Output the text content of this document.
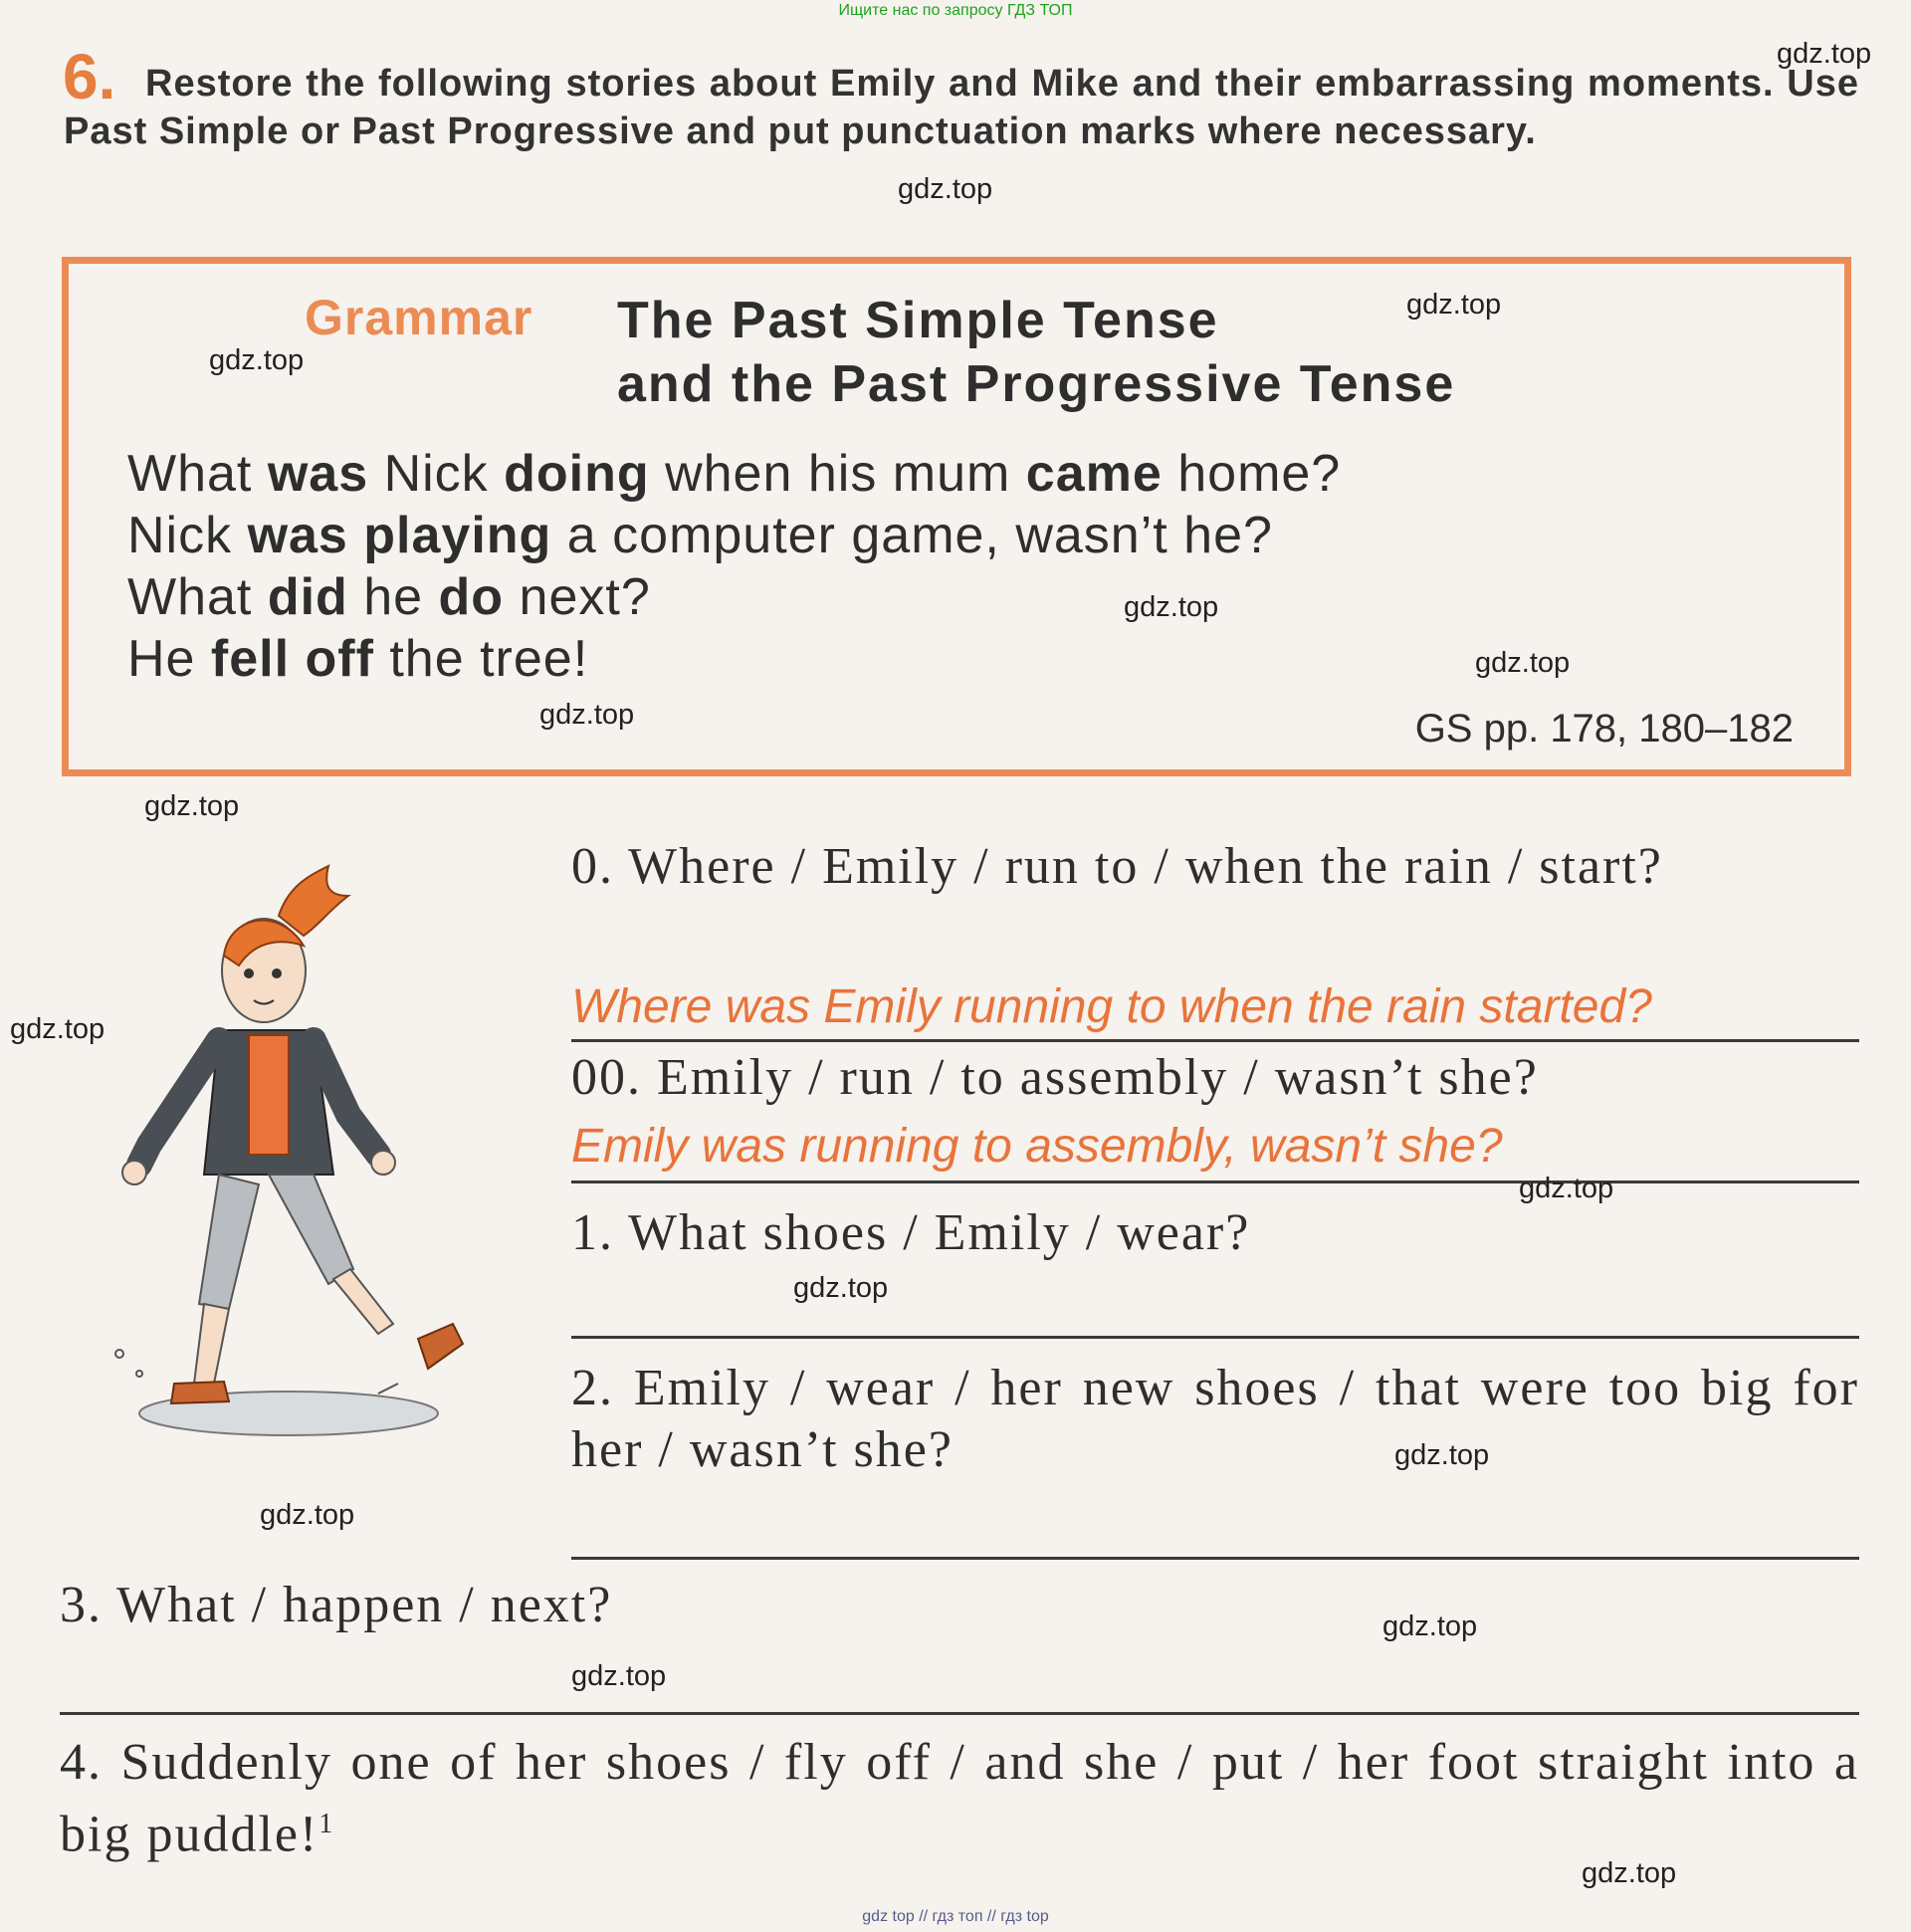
Ищите нас по запросу ГДЗ ТОП
6. Restore the following stories about Emily and Mike and their embarrassing moments. Use Past Simple or Past Progressive and put punctuation marks where necessary.
Grammar The Past Simple Tense
and the Past Progressive Tense
What was Nick doing when his mum came home?
Nick was playing a computer game, wasn’t he?
What did he do next?
He fell off the tree!
GS pp. 178, 180–182
0. Where / Emily / run to / when the rain / start?
Where was Emily running to when the rain started?
00. Emily / run / to assembly / wasn’t she?
Emily was running to assembly, wasn’t she?
1. What shoes / Emily / wear?
2. Emily / wear / her new shoes / that were too big for her / wasn’t she?
3. What / happen / next?
4. Suddenly one of her shoes / fly off / and she / put / her foot straight into a big puddle!$^1$
gdz.top
gdz.top
gdz.top
gdz.top
gdz.top
gdz.top
gdz.top
gdz.top
gdz.top
gdz.top
gdz.top
gdz.top
gdz.top
gdz.top
gdz.top
gdz.top
gdz top // гдз топ // гдз top
